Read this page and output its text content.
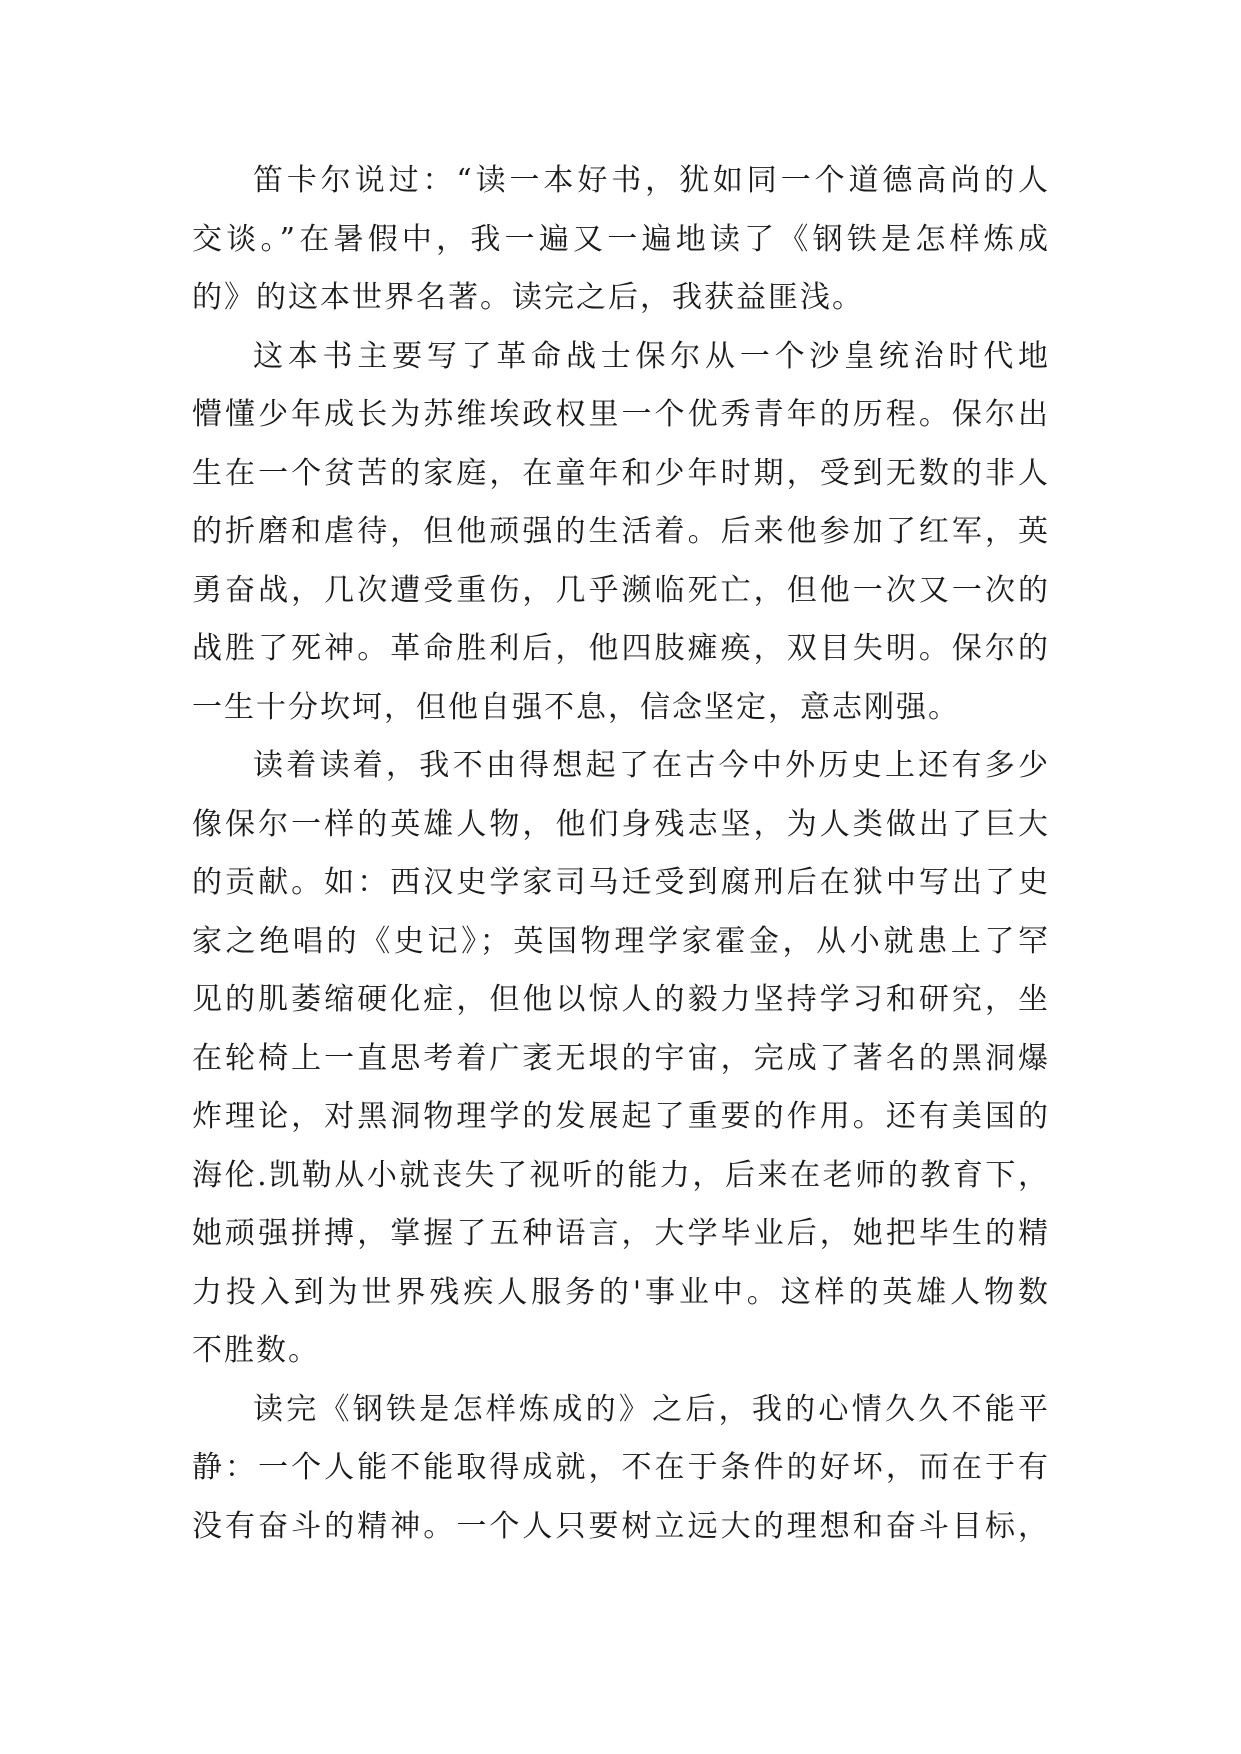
笛卡尔说过：“读一本好书，犹如同一个道德高尚的人
交谈。”在暑假中，我一遍又一遍地读了《钢铁是怎样炼成
的》的这本世界名著。读完之后，我获益匪浅。
这本书主要写了革命战士保尔从一个沙皇统治时代地
懵懂少年成长为苏维埃政权里一个优秀青年的历程。保尔出
生在一个贫苦的家庭，在童年和少年时期，受到无数的非人
的折磨和虐待，但他顽强的生活着。后来他参加了红军，英
勇奋战，几次遭受重伤，几乎濒临死亡，但他一次又一次的
战胜了死神。革命胜利后，他四肢瘫痪，双目失明。保尔的
一生十分坎坷，但他自强不息，信念坚定，意志刚强。
读着读着，我不由得想起了在古今中外历史上还有多少
像保尔一样的英雄人物，他们身残志坚，为人类做出了巨大
的贡献。如：西汉史学家司马迁受到腐刑后在狱中写出了史
家之绝唱的《史记》；英国物理学家霍金，从小就患上了罕
见的肌萎缩硬化症，但他以惊人的毅力坚持学习和研究，坐
在轮椅上一直思考着广袤无垠的宇宙，完成了著名的黑洞爆
炸理论，对黑洞物理学的发展起了重要的作用。还有美国的
海伦.凯勒从小就丧失了视听的能力，后来在老师的教育下，
她顽强拼搏，掌握了五种语言，大学毕业后，她把毕生的精
力投入到为世界残疾人服务的'事业中。这样的英雄人物数
不胜数。
读完《钢铁是怎样炼成的》之后，我的心情久久不能平
静：一个人能不能取得成就，不在于条件的好坏，而在于有
没有奋斗的精神。一个人只要树立远大的理想和奋斗目标，
